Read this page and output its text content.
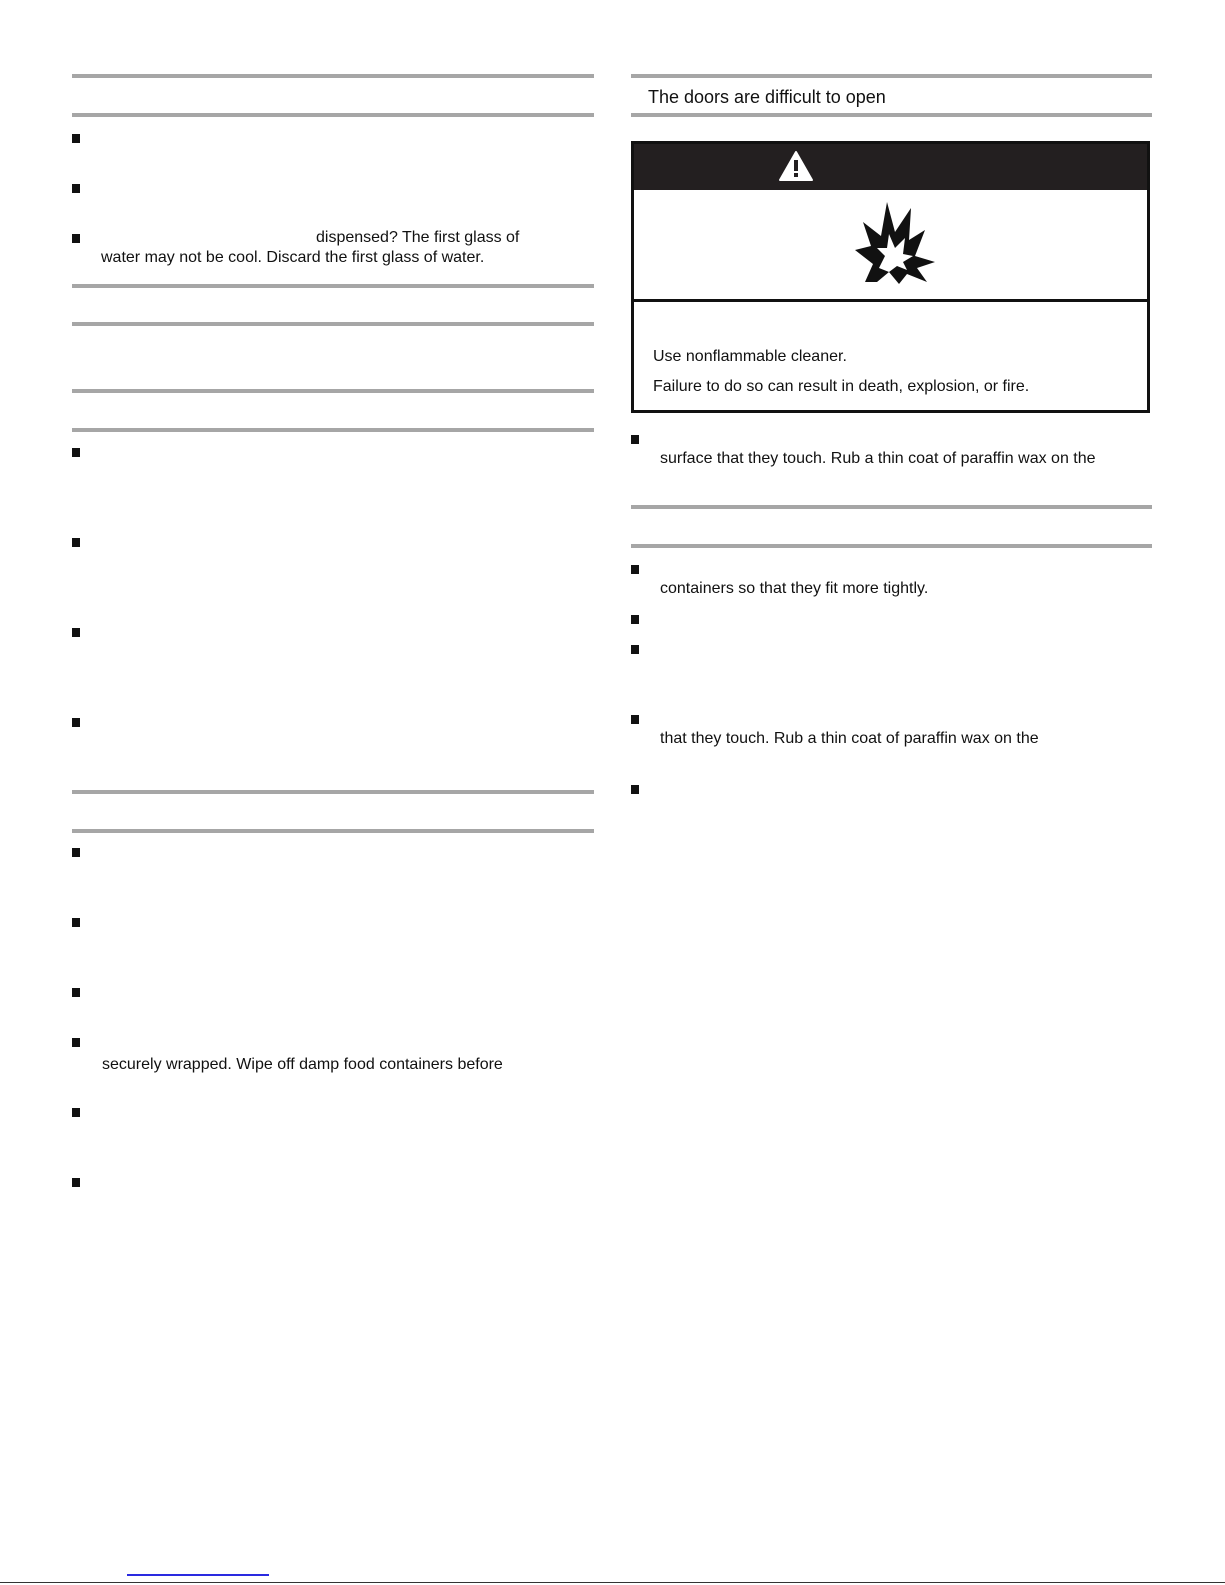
dispensed? The first glass of
water may not be cool. Discard the first glass of water.
securely wrapped. Wipe off damp food containers before
The doors are difficult to open
Use nonflammable cleaner.
Failure to do so can result in death, explosion, or fire.
surface that they touch. Rub a thin coat of paraffin wax on the
containers so that they fit more tightly.
that they touch. Rub a thin coat of paraffin wax on the
